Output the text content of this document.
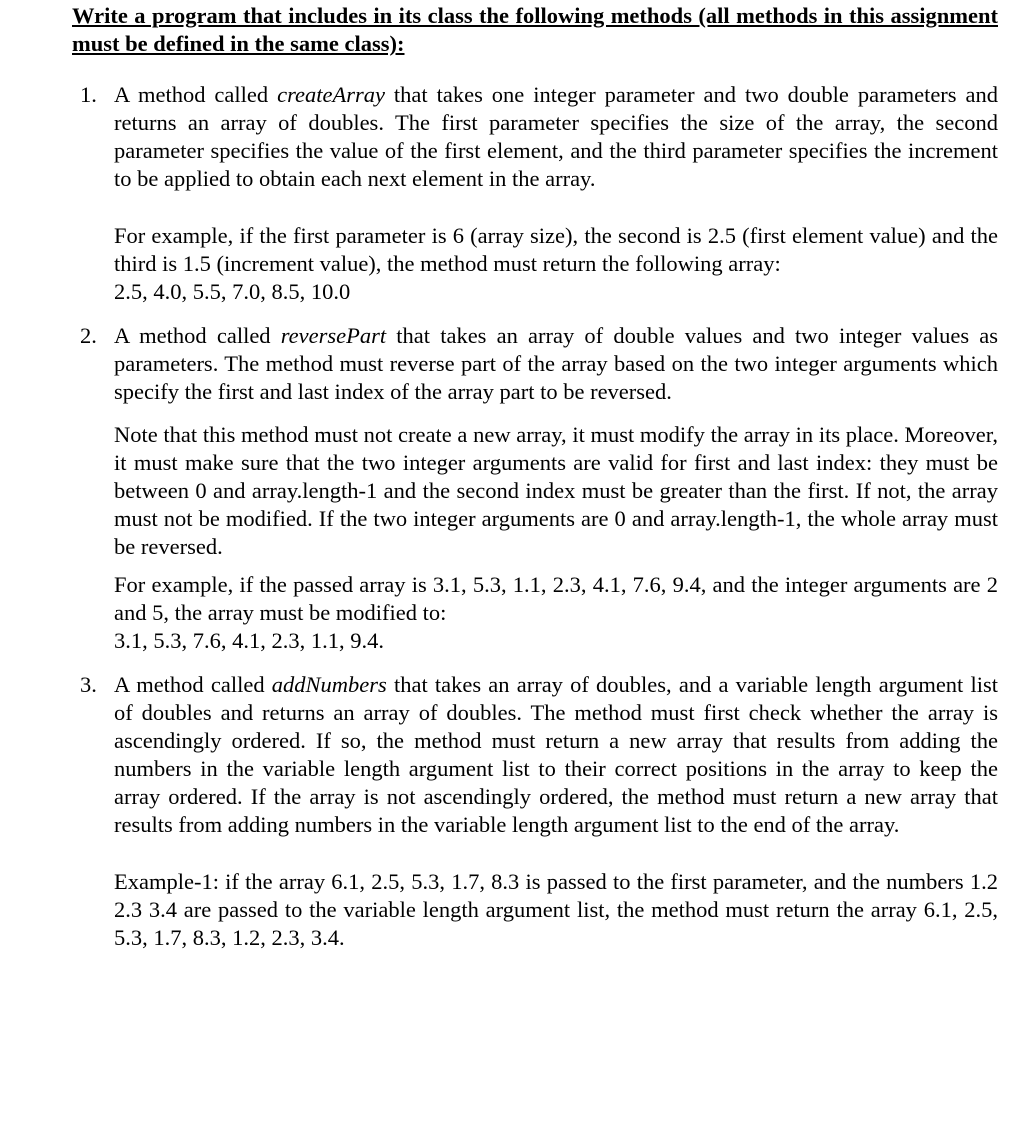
Write a program that includes in its class the following methods (all methods in this assignment must be defined in the same class):

1. A method called createArray that takes one integer parameter and two double parameters and returns an array of doubles. The first parameter specifies the size of the array, the second parameter specifies the value of the first element, and the third parameter specifies the increment to be applied to obtain each next element in the array.

For example, if the first parameter is 6 (array size), the second is 2.5 (first element value) and the third is 1.5 (increment value), the method must return the following array:
2.5, 4.0, 5.5, 7.0, 8.5, 10.0

2. A method called reversePart that takes an array of double values and two integer values as parameters. The method must reverse part of the array based on the two integer arguments which specify the first and last index of the array part to be reversed.

Note that this method must not create a new array, it must modify the array in its place. Moreover, it must make sure that the two integer arguments are valid for first and last index: they must be between 0 and array.length-1 and the second index must be greater than the first. If not, the array must not be modified. If the two integer arguments are 0 and array.length-1, the whole array must be reversed.

For example, if the passed array is 3.1, 5.3, 1.1, 2.3, 4.1, 7.6, 9.4, and the integer arguments are 2 and 5, the array must be modified to:
3.1, 5.3, 7.6, 4.1, 2.3, 1.1, 9.4.

3. A method called addNumbers that takes an array of doubles, and a variable length argument list of doubles and returns an array of doubles. The method must first check whether the array is ascendingly ordered. If so, the method must return a new array that results from adding the numbers in the variable length argument list to their correct positions in the array to keep the array ordered. If the array is not ascendingly ordered, the method must return a new array that results from adding numbers in the variable length argument list to the end of the array.

Example-1: if the array 6.1, 2.5, 5.3, 1.7, 8.3 is passed to the first parameter, and the numbers 1.2 2.3 3.4 are passed to the variable length argument list, the method must return the array 6.1, 2.5, 5.3, 1.7, 8.3, 1.2, 2.3, 3.4.
